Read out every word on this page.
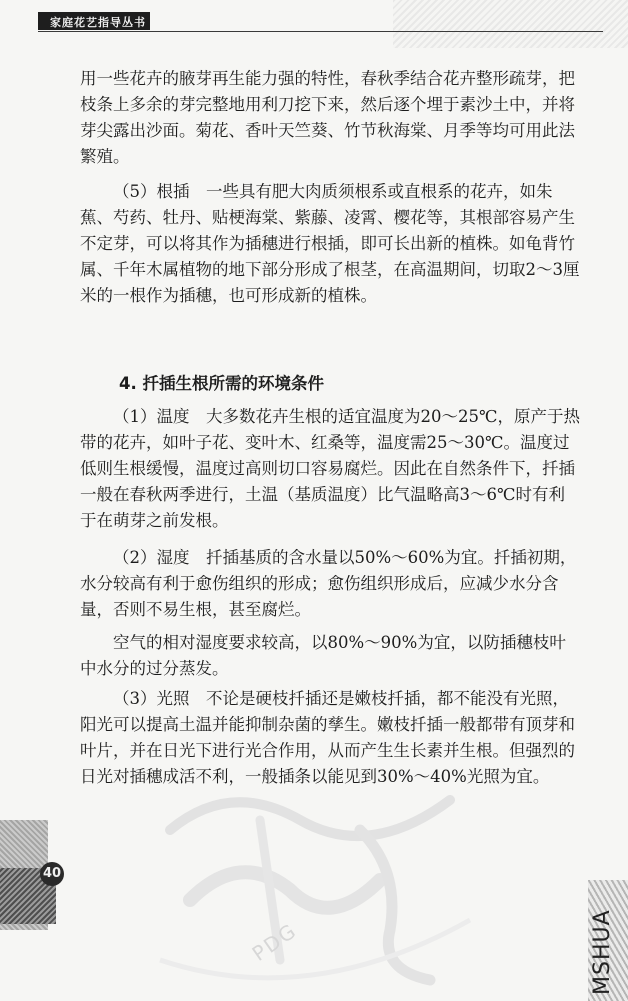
家庭花艺指导丛书

用一些花卉的腋芽再生能力强的特性，春秋季结合花卉整形疏芽，把枝条上多余的芽完整地用利刀挖下来，然后逐个埋于素沙土中，并将芽尖露出沙面。菊花、香叶天竺葵、竹节秋海棠、月季等均可用此法繁殖。

（5）根插　一些具有肥大肉质须根系或直根系的花卉，如朱蕉、芍药、牡丹、贴梗海棠、紫藤、凌霄、樱花等，其根部容易产生不定芽，可以将其作为插穗进行根插，即可长出新的植株。如龟背竹属、千年木属植物的地下部分形成了根茎，在高温期间，切取2～3厘米的一根作为插穗，也可形成新的植株。

4. 扦插生根所需的环境条件

（1）温度　大多数花卉生根的适宜温度为20～25℃，原产于热带的花卉，如叶子花、变叶木、红桑等，温度需25～30℃。温度过低则生根缓慢，温度过高则切口容易腐烂。因此在自然条件下，扦插一般在春秋两季进行，土温（基质温度）比气温略高3～6℃时有利于在萌芽之前发根。

（2）湿度　扦插基质的含水量以50%～60%为宜。扦插初期，水分较高有利于愈伤组织的形成；愈伤组织形成后，应减少水分含量，否则不易生根，甚至腐烂。

空气的相对湿度要求较高，以80%～90%为宜，以防插穗枝叶中水分的过分蒸发。

（3）光照　不论是硬枝扦插还是嫩枝扦插，都不能没有光照，阳光可以提高土温并能抑制杂菌的孳生。嫩枝扦插一般都带有顶芽和叶片，并在日光下进行光合作用，从而产生生长素并生根。但强烈的日光对插穗成活不利，一般插条以能见到30%～40%光照为宜。

PDG
40
MSHUA
